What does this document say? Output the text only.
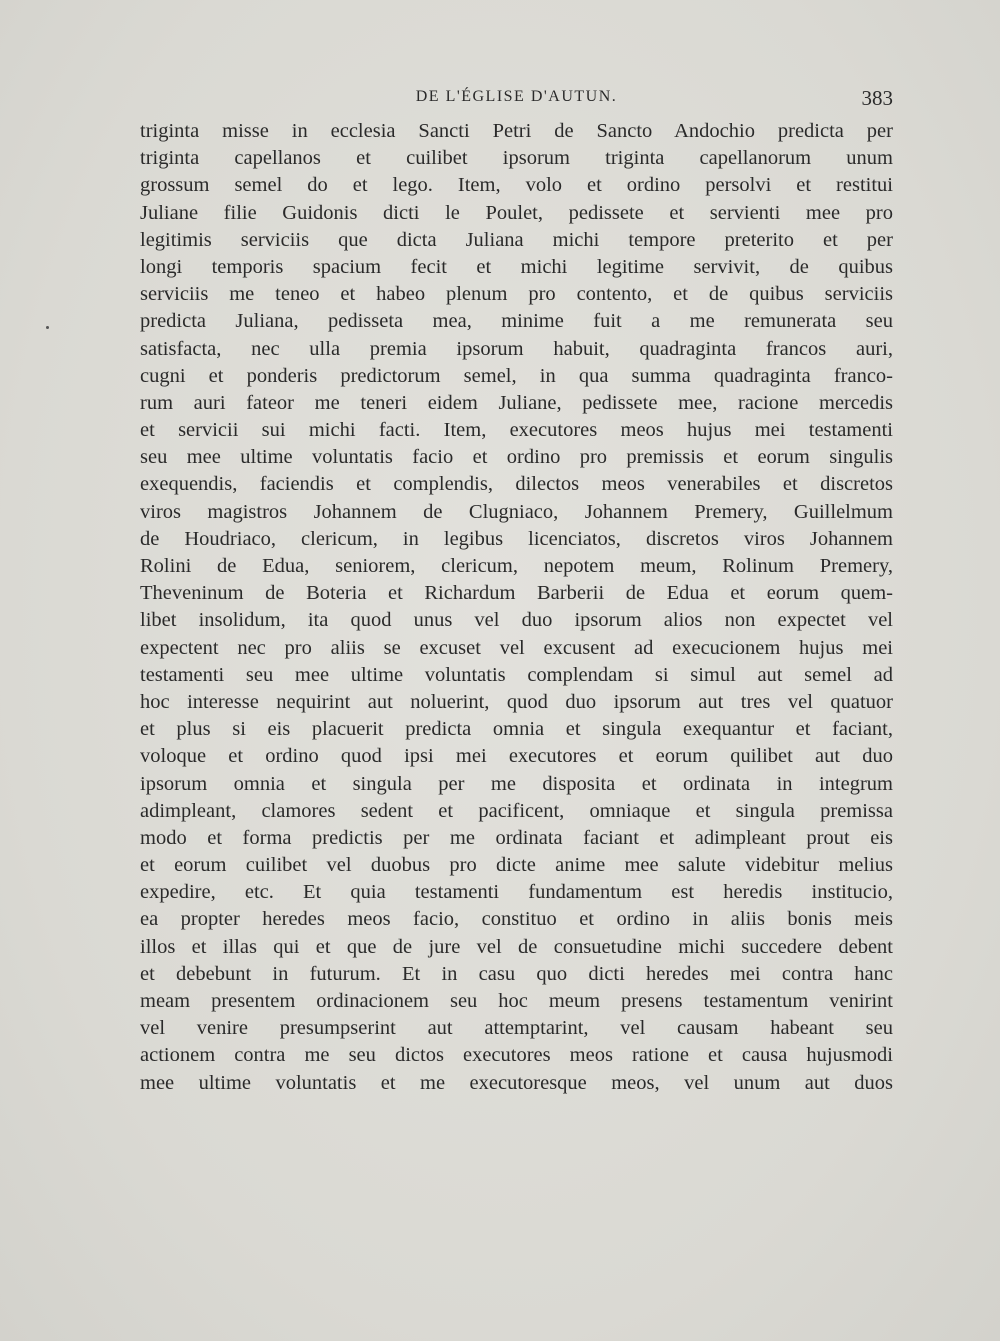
DE L'ÉGLISE D'AUTUN.	383
triginta misse in ecclesia Sancti Petri de Sancto Andochio predicta per
triginta capellanos et cuilibet ipsorum triginta capellanorum unum
grossum semel do et lego. Item, volo et ordino persolvi et restitui
Juliane filie Guidonis dicti le Poulet, pedissete et servienti mee pro
legitimis serviciis que dicta Juliana michi tempore preterito et per
longi temporis spacium fecit et michi legitime servivit, de quibus
serviciis me teneo et habeo plenum pro contento, et de quibus serviciis
predicta Juliana, pedisseta mea, minime fuit a me remunerata seu
satisfacta, nec ulla premia ipsorum habuit, quadraginta francos auri,
cugni et ponderis predictorum semel, in qua summa quadraginta franco-
rum auri fateor me teneri eidem Juliane, pedissete mee, racione mercedis
et servicii sui michi facti. Item, executores meos hujus mei testamenti
seu mee ultime voluntatis facio et ordino pro premissis et eorum singulis
exequendis, faciendis et complendis, dilectos meos venerabiles et discretos
viros magistros Johannem de Clugniaco, Johannem Premery, Guillelmum
de Houdriaco, clericum, in legibus licenciatos, discretos viros Johannem
Rolini de Edua, seniorem, clericum, nepotem meum, Rolinum Premery,
Theveninum de Boteria et Richardum Barberii de Edua et eorum quem-
libet insolidum, ita quod unus vel duo ipsorum alios non expectet vel
expectent nec pro aliis se excuset vel excusent ad execucionem hujus mei
testamenti seu mee ultime voluntatis complendam si simul aut semel ad
hoc interesse nequirint aut noluerint, quod duo ipsorum aut tres vel quatuor
et plus si eis placuerit predicta omnia et singula exequantur et faciant,
voloque et ordino quod ipsi mei executores et eorum quilibet aut duo
ipsorum omnia et singula per me disposita et ordinata in integrum
adimpleant, clamores sedent et pacificent, omniaque et singula premissa
modo et forma predictis per me ordinata faciant et adimpleant prout eis
et eorum cuilibet vel duobus pro dicte anime mee salute videbitur melius
expedire, etc. Et quia testamenti fundamentum est heredis institucio,
ea propter heredes meos facio, constituo et ordino in aliis bonis meis
illos et illas qui et que de jure vel de consuetudine michi succedere debent
et debebunt in futurum. Et in casu quo dicti heredes mei contra hanc
meam presentem ordinacionem seu hoc meum presens testamentum venirint
vel venire presumpserint aut attemptarint, vel causam habeant seu
actionem contra me seu dictos executores meos ratione et causa hujusmodi
mee ultime voluntatis et me executoresque meos, vel unum aut duos
